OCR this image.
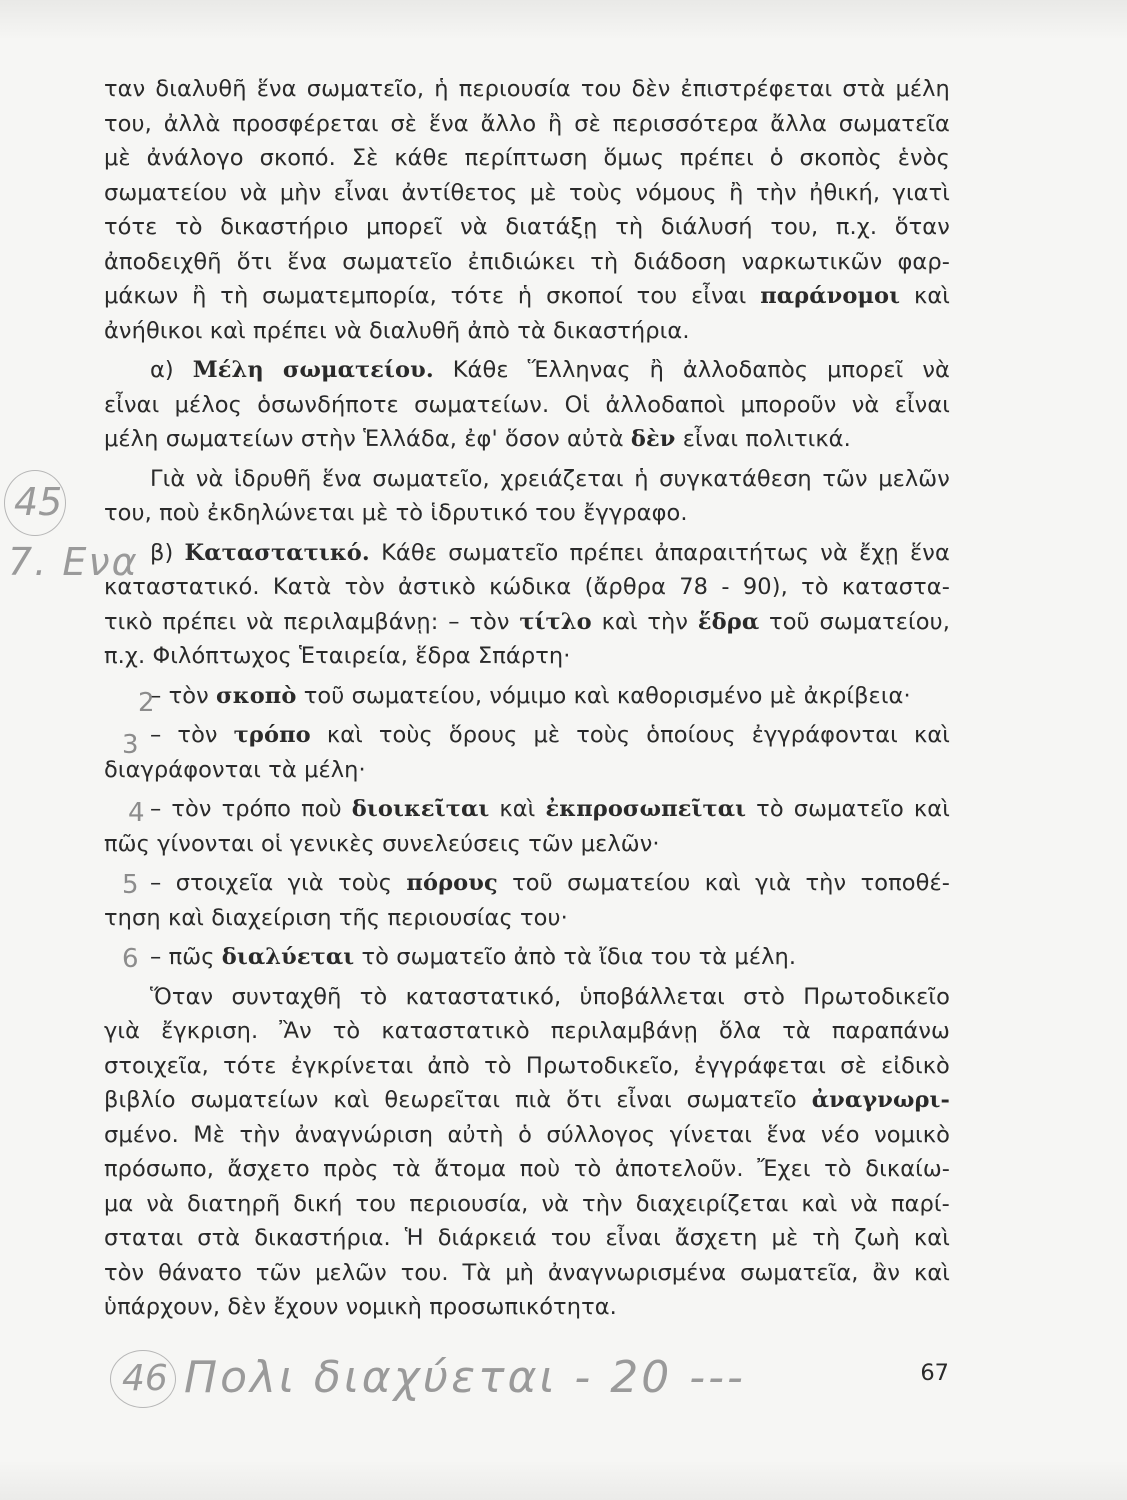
ταν διαλυθῆ ἕνα σωματεῖο, ἡ περιουσία του δὲν ἐπιστρέφεται στὰ μέλη
του, ἀλλὰ προσφέρεται σὲ ἕνα ἄλλο ἢ σὲ περισσότερα ἄλλα σωματεῖα
μὲ ἀνάλογο σκοπό. Σὲ κάθε περίπτωση ὅμως πρέπει ὁ σκοπὸς ἑνὸς
σωματείου νὰ μὴν εἶναι ἀντίθετος μὲ τοὺς νόμους ἢ τὴν ἠθική, γιατὶ
τότε τὸ δικαστήριο μπορεῖ νὰ διατάξῃ τὴ διάλυσή του, π.χ. ὅταν
ἀποδειχθῆ ὅτι ἕνα σωματεῖο ἐπιδιώκει τὴ διάδοση ναρκωτικῶν φαρ-
μάκων ἢ τὴ σωματεμπορία, τότε ἡ σκοποί του εἶναι παράνομοι καὶ
ἀνήθικοι καὶ πρέπει νὰ διαλυθῆ ἀπὸ τὰ δικαστήρια.
α) Μέλη σωματείου. Κάθε Ἕλληνας ἢ ἀλλοδαπὸς μπορεῖ νὰ
εἶναι μέλος ὁσωνδήποτε σωματείων. Οἱ ἀλλοδαποὶ μποροῦν νὰ εἶναι
μέλη σωματείων στὴν Ἑλλάδα, ἐφ' ὅσον αὐτὰ δὲν εἶναι πολιτικά.
Γιὰ νὰ ἱδρυθῆ ἕνα σωματεῖο, χρειάζεται ἡ συγκατάθεση τῶν μελῶν
του, ποὺ ἐκδηλώνεται μὲ τὸ ἱδρυτικό του ἔγγραφο.
β) Καταστατικό. Κάθε σωματεῖο πρέπει ἀπαραιτήτως νὰ ἔχῃ ἕνα
καταστατικό. Κατὰ τὸν ἀστικὸ κώδικα (ἄρθρα 78 - 90), τὸ καταστα-
τικὸ πρέπει νὰ περιλαμβάνῃ: – τὸν τίτλο καὶ τὴν ἕδρα τοῦ σωματείου,
π.χ. Φιλόπτωχος Ἑταιρεία, ἕδρα Σπάρτη·
– τὸν σκοπὸ τοῦ σωματείου, νόμιμο καὶ καθορισμένο μὲ ἀκρίβεια·
– τὸν τρόπο καὶ τοὺς ὅρους μὲ τοὺς ὁποίους ἐγγράφονται καὶ
διαγράφονται τὰ μέλη·
– τὸν τρόπο ποὺ διοικεῖται καὶ ἐκπροσωπεῖται τὸ σωματεῖο καὶ
πῶς γίνονται οἱ γενικὲς συνελεύσεις τῶν μελῶν·
– στοιχεῖα γιὰ τοὺς πόρους τοῦ σωματείου καὶ γιὰ τὴν τοποθέ-
τηση καὶ διαχείριση τῆς περιουσίας του·
– πῶς διαλύεται τὸ σωματεῖο ἀπὸ τὰ ἴδια του τὰ μέλη.
Ὅταν συνταχθῆ τὸ καταστατικό, ὑποβάλλεται στὸ Πρωτοδικεῖο
γιὰ ἔγκριση. Ἂν τὸ καταστατικὸ περιλαμβάνῃ ὅλα τὰ παραπάνω
στοιχεῖα, τότε ἐγκρίνεται ἀπὸ τὸ Πρωτοδικεῖο, ἐγγράφεται σὲ εἰδικὸ
βιβλίο σωματείων καὶ θεωρεῖται πιὰ ὅτι εἶναι σωματεῖο ἀναγνωρι-
σμένο. Μὲ τὴν ἀναγνώριση αὐτὴ ὁ σύλλογος γίνεται ἕνα νέο νομικὸ
πρόσωπο, ἄσχετο πρὸς τὰ ἄτομα ποὺ τὸ ἀποτελοῦν. Ἔχει τὸ δικαίω-
μα νὰ διατηρῆ δική του περιουσία, νὰ τὴν διαχειρίζεται καὶ νὰ παρί-
σταται στὰ δικαστήρια. Ἡ διάρκειά του εἶναι ἄσχετη μὲ τὴ ζωὴ καὶ
τὸν θάνατο τῶν μελῶν του. Τὰ μὴ ἀναγνωρισμένα σωματεῖα, ἂν καὶ
ὑπάρχουν, δὲν ἔχουν νομικὴ προσωπικότητα.
67
45
7. Ενα
2
3
4
5
6
46 Πολι διαχύεται - 20 ---
